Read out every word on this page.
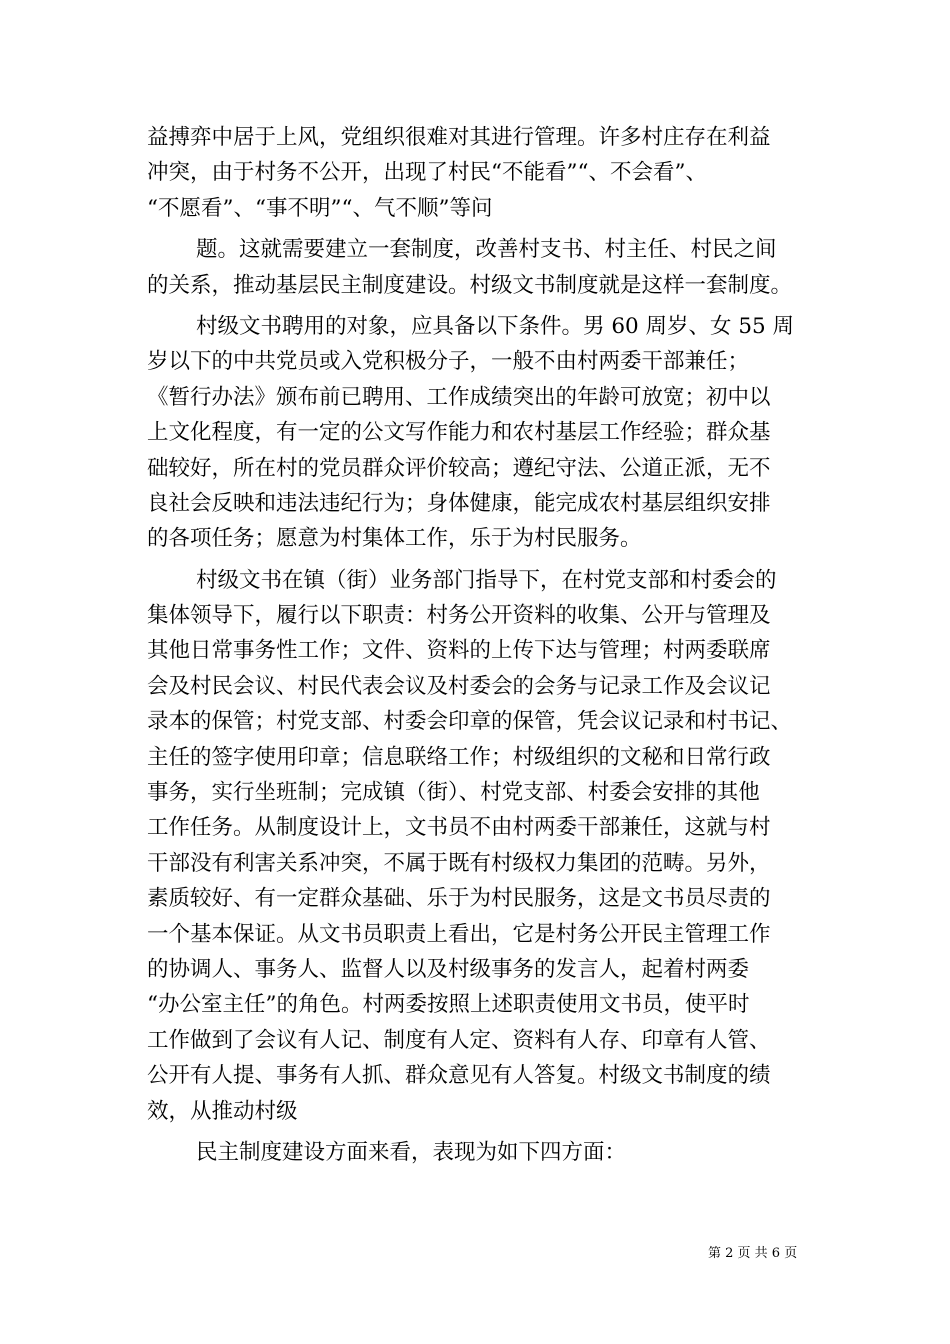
益搏弈中居于上风，党组织很难对其进行管理。许多村庄存在利益
冲突，由于村务不公开，出现了村民“不能看”“、不会看”、
“不愿看”、“事不明”“、气不顺”等问
题。这就需要建立一套制度，改善村支书、村主任、村民之间
的关系，推动基层民主制度建设。村级文书制度就是这样一套制度。
村级文书聘用的对象，应具备以下条件。男 60 周岁、女 55 周
岁以下的中共党员或入党积极分子，一般不由村两委干部兼任；
《暂行办法》颁布前已聘用、工作成绩突出的年龄可放宽；初中以
上文化程度，有一定的公文写作能力和农村基层工作经验；群众基
础较好，所在村的党员群众评价较高；遵纪守法、公道正派，无不
良社会反映和违法违纪行为；身体健康，能完成农村基层组织安排
的各项任务；愿意为村集体工作，乐于为村民服务。
村级文书在镇（街）业务部门指导下，在村党支部和村委会的
集体领导下，履行以下职责：村务公开资料的收集、公开与管理及
其他日常事务性工作；文件、资料的上传下达与管理；村两委联席
会及村民会议、村民代表会议及村委会的会务与记录工作及会议记
录本的保管；村党支部、村委会印章的保管，凭会议记录和村书记、
主任的签字使用印章；信息联络工作；村级组织的文秘和日常行政
事务，实行坐班制；完成镇（街）、村党支部、村委会安排的其他
工作任务。从制度设计上，文书员不由村两委干部兼任，这就与村
干部没有利害关系冲突，不属于既有村级权力集团的范畴。另外，
素质较好、有一定群众基础、乐于为村民服务，这是文书员尽责的
一个基本保证。从文书员职责上看出，它是村务公开民主管理工作
的协调人、事务人、监督人以及村级事务的发言人，起着村两委
“办公室主任”的角色。村两委按照上述职责使用文书员，使平时
工作做到了会议有人记、制度有人定、资料有人存、印章有人管、
公开有人提、事务有人抓、群众意见有人答复。村级文书制度的绩
效，从推动村级
民主制度建设方面来看，表现为如下四方面：
第 2 页 共 6 页
